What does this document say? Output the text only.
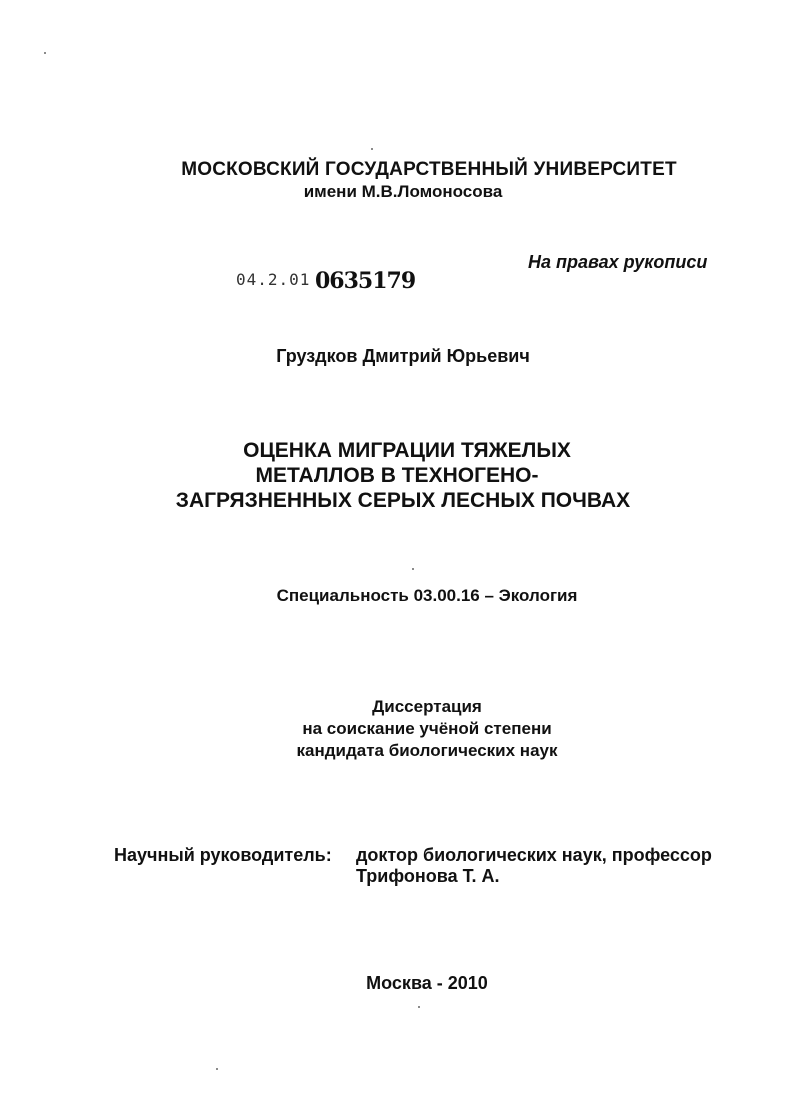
МОСКОВСКИЙ ГОСУДАРСТВЕННЫЙ УНИВЕРСИТЕТ
имени М.В.Ломоносова
На правах рукописи
04.2.01 0635179
Груздков Дмитрий Юрьевич
ОЦЕНКА МИГРАЦИИ ТЯЖЕЛЫХ
МЕТАЛЛОВ В ТЕХНОГЕНО-
ЗАГРЯЗНЕННЫХ СЕРЫХ ЛЕСНЫХ ПОЧВАХ
Специальность 03.00.16 – Экология
Диссертация
на соискание учёной степени
кандидата биологических наук
Научный руководитель: доктор биологических наук, профессор
Трифонова Т. А.
Москва - 2010
